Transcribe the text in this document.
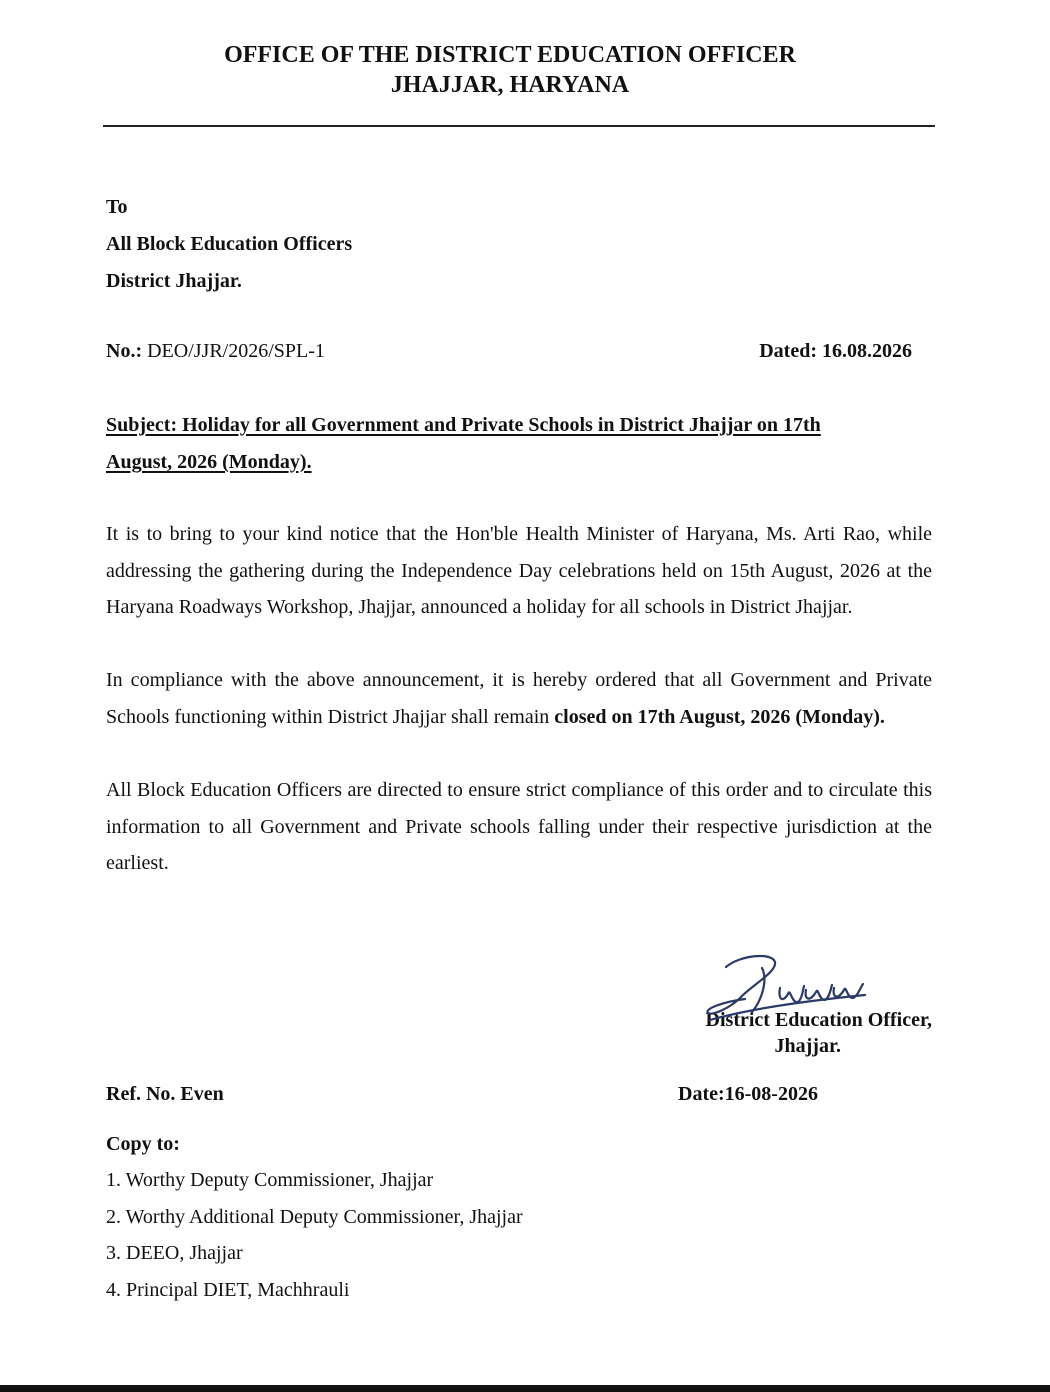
OFFICE OF THE DISTRICT EDUCATION OFFICER
JHAJJAR, HARYANA
To
All Block Education Officers
District Jhajjar.
No.: DEO/JJR/2026/SPL-1	Dated: 16.08.2026
Subject: Holiday for all Government and Private Schools in District Jhajjar on 17th August, 2026 (Monday).
It is to bring to your kind notice that the Hon'ble Health Minister of Haryana, Ms. Arti Rao, while addressing the gathering during the Independence Day celebrations held on 15th August, 2026 at the Haryana Roadways Workshop, Jhajjar, announced a holiday for all schools in District Jhajjar.
In compliance with the above announcement, it is hereby ordered that all Government and Private Schools functioning within District Jhajjar shall remain closed on 17th August, 2026 (Monday).
All Block Education Officers are directed to ensure strict compliance of this order and to circulate this information to all Government and Private schools falling under their respective jurisdiction at the earliest.
District Education Officer,
Jhajjar.
Ref. No. Even	Date:16-08-2026
Copy to:
1. Worthy Deputy Commissioner, Jhajjar
2. Worthy Additional Deputy Commissioner, Jhajjar
3. DEEO, Jhajjar
4. Principal DIET, Machhrauli
